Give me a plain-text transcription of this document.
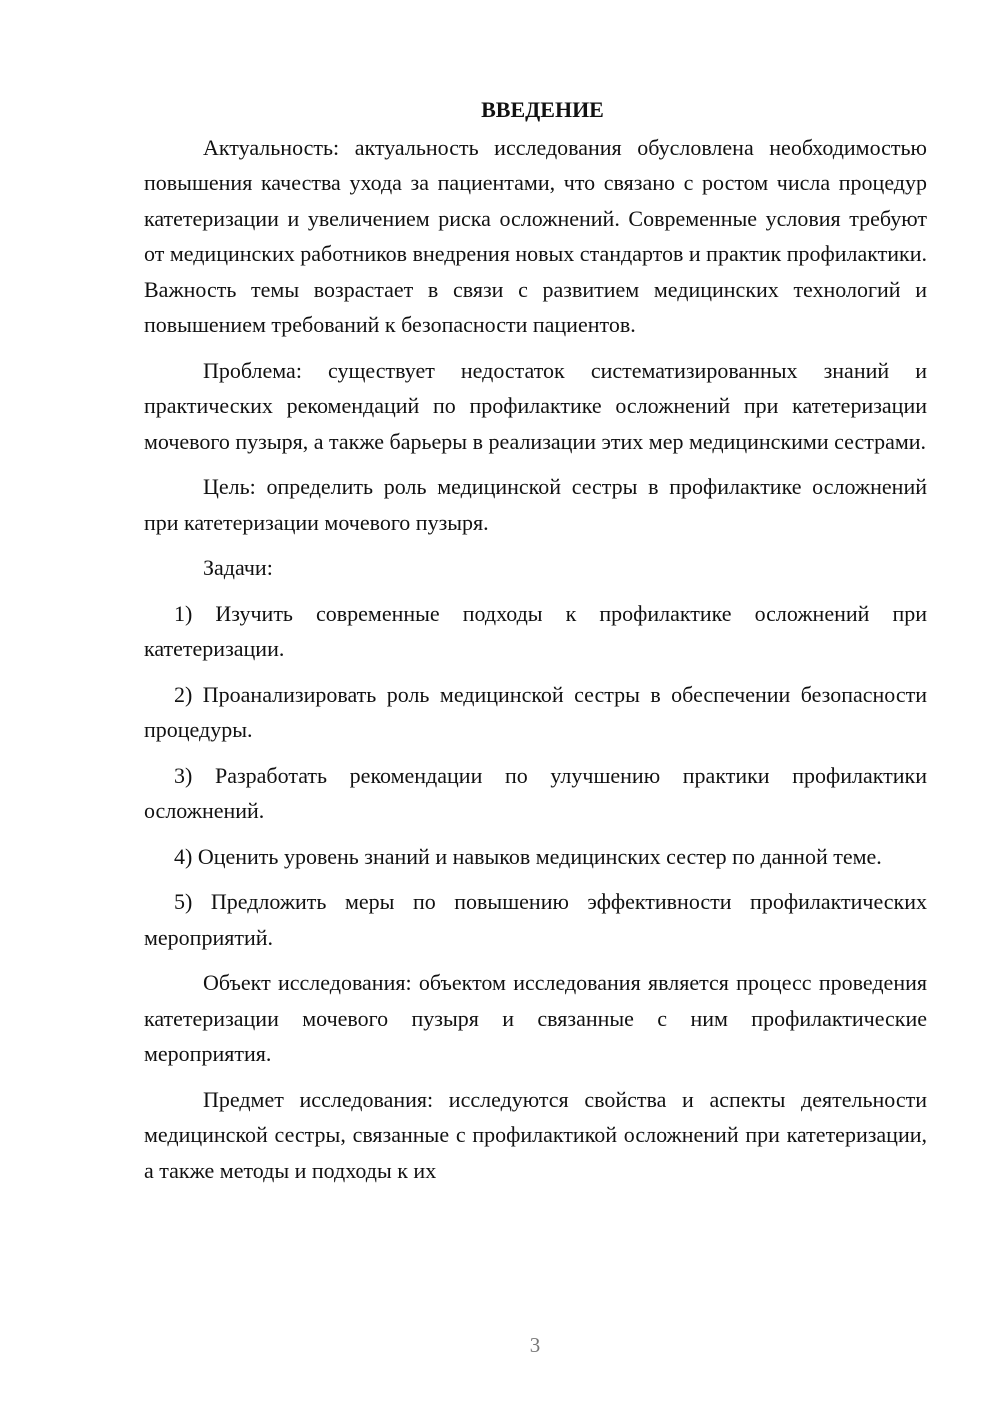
ВВЕДЕНИЕ

Актуальность: актуальность исследования обусловлена необходимостью повышения качества ухода за пациентами, что связано с ростом числа процедур катетеризации и увеличением риска осложнений. Современные условия требуют от медицинских работников внедрения новых стандартов и практик профилактики. Важность темы возрастает в связи с развитием медицинских технологий и повышением требований к безопасности пациентов.

Проблема: существует недостаток систематизированных знаний и практических рекомендаций по профилактике осложнений при катетеризации мочевого пузыря, а также барьеры в реализации этих мер медицинскими сестрами.

Цель: определить роль медицинской сестры в профилактике осложнений при катетеризации мочевого пузыря.

Задачи:

1) Изучить современные подходы к профилактике осложнений при катетеризации.

2) Проанализировать роль медицинской сестры в обеспечении безопасности процедуры.

3) Разработать рекомендации по улучшению практики профилактики осложнений.

4) Оценить уровень знаний и навыков медицинских сестер по данной теме.

5) Предложить меры по повышению эффективности профилактических мероприятий.

Объект исследования: объектом исследования является процесс проведения катетеризации мочевого пузыря и связанные с ним профилактические мероприятия.

Предмет исследования: исследуются свойства и аспекты деятельности медицинской сестры, связанные с профилактикой осложнений при катетеризации, а также методы и подходы к их

3
